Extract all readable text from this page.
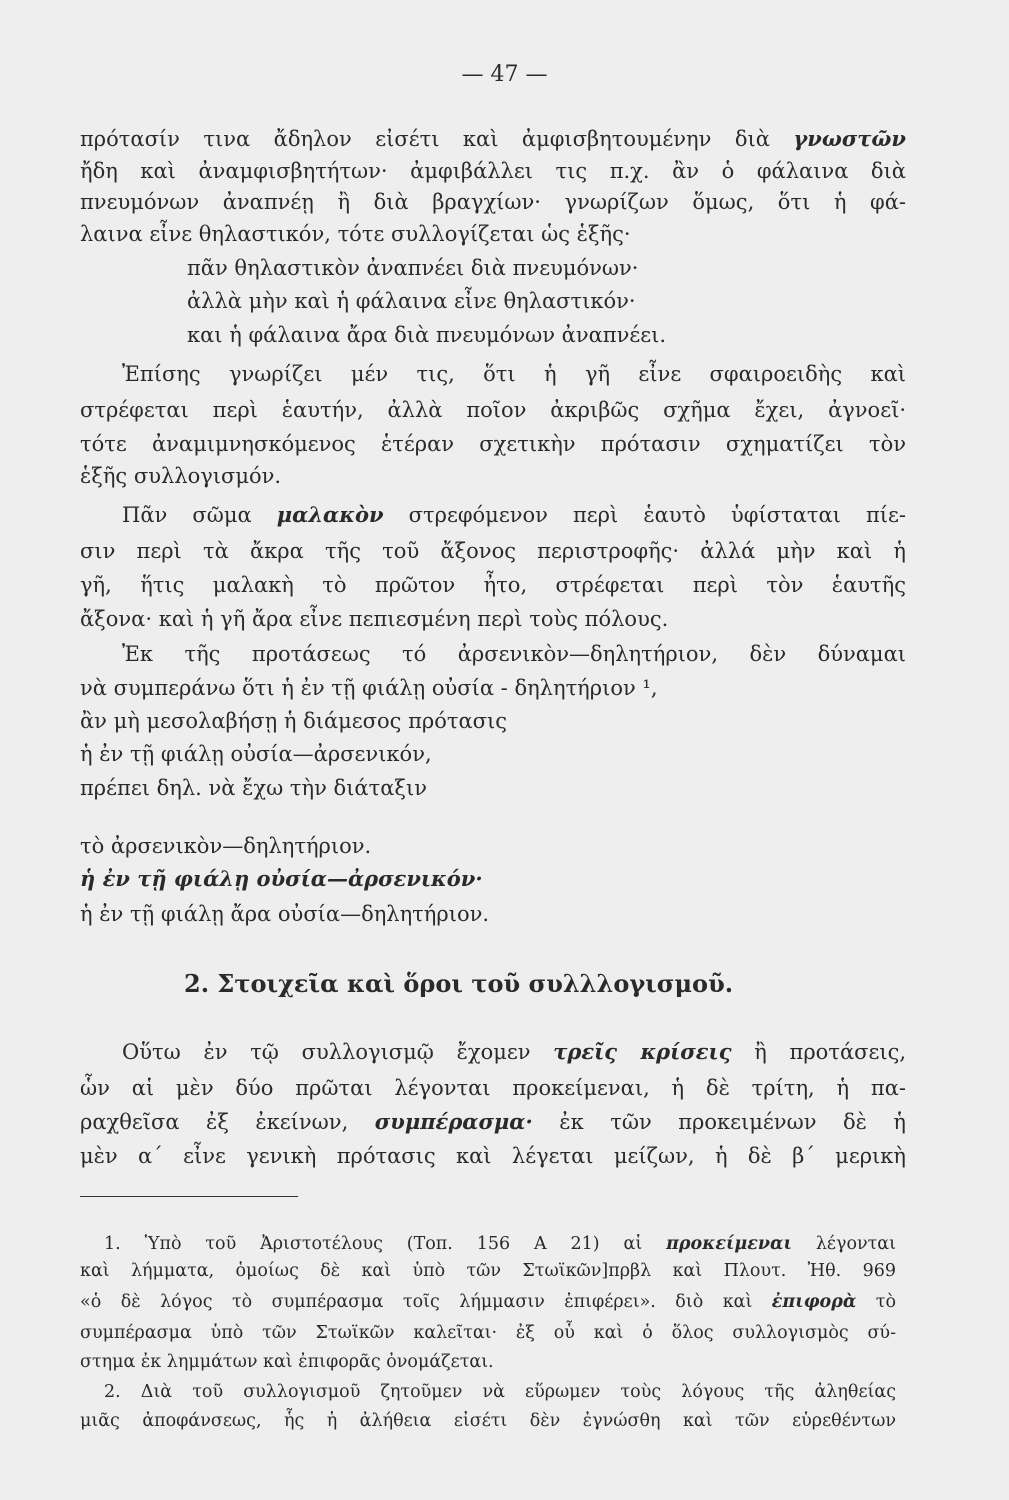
— 47 —
πρότασίν τινα ἄδηλον εἰσέτι καὶ ἀμφισβητουμένην διὰ γνωστῶν
ἤδη καὶ ἀναμφισβητήτων· ἀμφιβάλλει τις π.χ. ἂν ὁ φάλαινα διὰ
πνευμόνων ἀναπνέῃ ἢ διὰ βραγχίων· γνωρίζων ὅμως, ὅτι ἡ φά-
λαινα εἶνε θηλαστικόν, τότε συλλογίζεται ὡς ἑξῆς·
πᾶν θηλαστικὸν ἀναπνέει διὰ πνευμόνων·
ἀλλὰ μὴν καὶ ἡ φάλαινα εἶνε θηλαστικόν·
και ἡ φάλαινα ἄρα διὰ πνευμόνων ἀναπνέει.
Ἐπίσης γνωρίζει μέν τις, ὅτι ἡ γῆ εἶνε σφαιροειδὴς καὶ
στρέφεται περὶ ἑαυτήν, ἀλλὰ ποῖον ἀκριβῶς σχῆμα ἔχει, ἀγνοεῖ·
τότε ἀναμιμνησκόμενος ἑτέραν σχετικὴν πρότασιν σχηματίζει τὸν
ἑξῆς συλλογισμόν.
Πᾶν σῶμα μαλακὸν στρεφόμενον περὶ ἑαυτὸ ὑφίσταται πίε-
σιν περὶ τὰ ἄκρα τῆς τοῦ ἄξονος περιστροφῆς· ἀλλά μὴν καὶ ἡ
γῆ, ἥτις μαλακὴ τὸ πρῶτον ἦτο, στρέφεται περὶ τὸν ἑαυτῆς
ἄξονα· καὶ ἡ γῆ ἄρα εἶνε πεπιεσμένη περὶ τοὺς πόλους.
Ἐκ τῆς προτάσεως τό ἀρσενικὸν—δηλητήριον, δὲν δύναμαι
νὰ συμπεράνω ὅτι ἡ ἐν τῇ φιάλῃ οὐσία - δηλητήριον ¹,
ἂν μὴ μεσολαβήσῃ ἡ διάμεσος πρότασις
ἡ ἐν τῇ φιάλῃ οὐσία—ἀρσενικόν,
πρέπει δηλ. νὰ ἔχω τὴν διάταξιν
τὸ ἀρσενικὸν—δηλητήριον.
ἡ ἐν τῇ φιάλῃ οὐσία—ἀρσενικόν·
ἡ ἐν τῇ φιάλῃ ἄρα οὐσία—δηλητήριον.
2. Στοιχεῖα καὶ ὅροι τοῦ συλλλογισμοῦ.
Οὕτω ἐν τῷ συλλογισμῷ ἔχομεν τρεῖς κρίσεις ἢ προτάσεις,
ὧν αἱ μὲν δύο πρῶται λέγονται προκείμεναι, ἡ δὲ τρίτη, ἡ πα-
ραχθεῖσα ἐξ ἐκείνων, συμπέρασμα· ἐκ τῶν προκειμένων δὲ ἡ
μὲν α΄ εἶνε γενικὴ πρότασις καὶ λέγεται μείζων, ἡ δὲ β΄ μερικὴ
1. Ὑπὸ τοῦ Ἀριστοτέλους (Τοπ. 156 Α 21) αἱ προκείμεναι λέγονται
καὶ λήμματα, ὁμοίως δὲ καὶ ὑπὸ τῶν Στωϊκῶν]πρβλ καὶ Πλουτ. Ἠθ. 969
«ὁ δὲ λόγος τὸ συμπέρασμα τοῖς λήμμασιν ἐπιφέρει». διὸ καὶ ἐπιφορὰ τὸ
συμπέρασμα ὑπὸ τῶν Στωϊκῶν καλεῖται· ἐξ οὗ καὶ ὁ ὅλος συλλογισμὸς σύ-
στημα ἐκ λημμάτων καὶ ἐπιφορᾶς ὀνομάζεται.
2. Διὰ τοῦ συλλογισμοῦ ζητοῦμεν νὰ εὕρωμεν τοὺς λόγους τῆς ἀληθείας
μιᾶς ἀποφάνσεως, ἧς ἡ ἀλήθεια εἰσέτι δὲν ἐγνώσθη καὶ τῶν εὑρεθέντων
